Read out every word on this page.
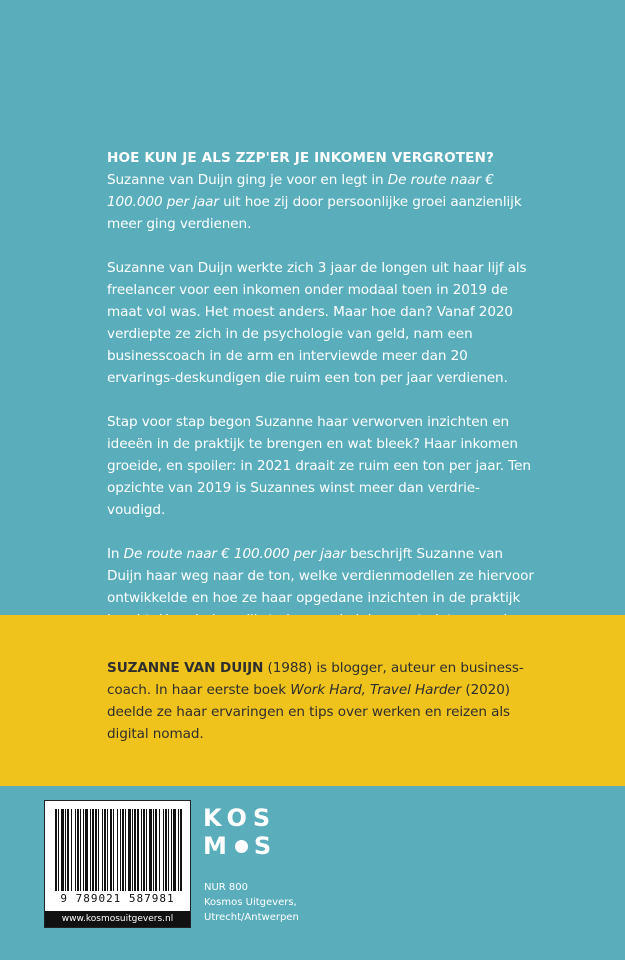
HOE KUN JE ALS ZZP'ER JE INKOMEN VERGROTEN?

Suzanne van Duijn ging je voor en legt in De route naar € 100.000 per jaar uit hoe zij door persoonlijke groei aanzienlijk meer ging verdienen.

Suzanne van Duijn werkte zich 3 jaar de longen uit haar lijf als freelancer voor een inkomen onder modaal toen in 2019 de maat vol was. Het moest anders. Maar hoe dan? Vanaf 2020 verdiepte ze zich in de psychologie van geld, nam een businesscoach in de arm en interviewde meer dan 20 ervarings-deskundigen die ruim een ton per jaar verdienen.

Stap voor stap begon Suzanne haar verworven inzichten en ideeën in de praktijk te brengen en wat bleek? Haar inkomen groeide, en spoiler: in 2021 draait ze ruim een ton per jaar. Ten opzichte van 2019 is Suzannes winst meer dan verdrie-voudigd.

In De route naar € 100.000 per jaar beschrijft Suzanne van Duijn haar weg naar de ton, welke verdienmodellen ze hiervoor ontwikkelde en hoe ze haar opgedane inzichten in de praktijk

SUZANNE VAN DUIJN (1988) is blogger, auteur en business-coach. In haar eerste boek Work Hard, Travel Harder (2020) deelde ze haar ervaringen en tips over werken en reizen als digital nomad.
9 789021 587981
www.kosmosuitgevers.nl
KOS
M S
NUR 800
Kosmos Uitgevers,
Utrecht/Antwerpen
